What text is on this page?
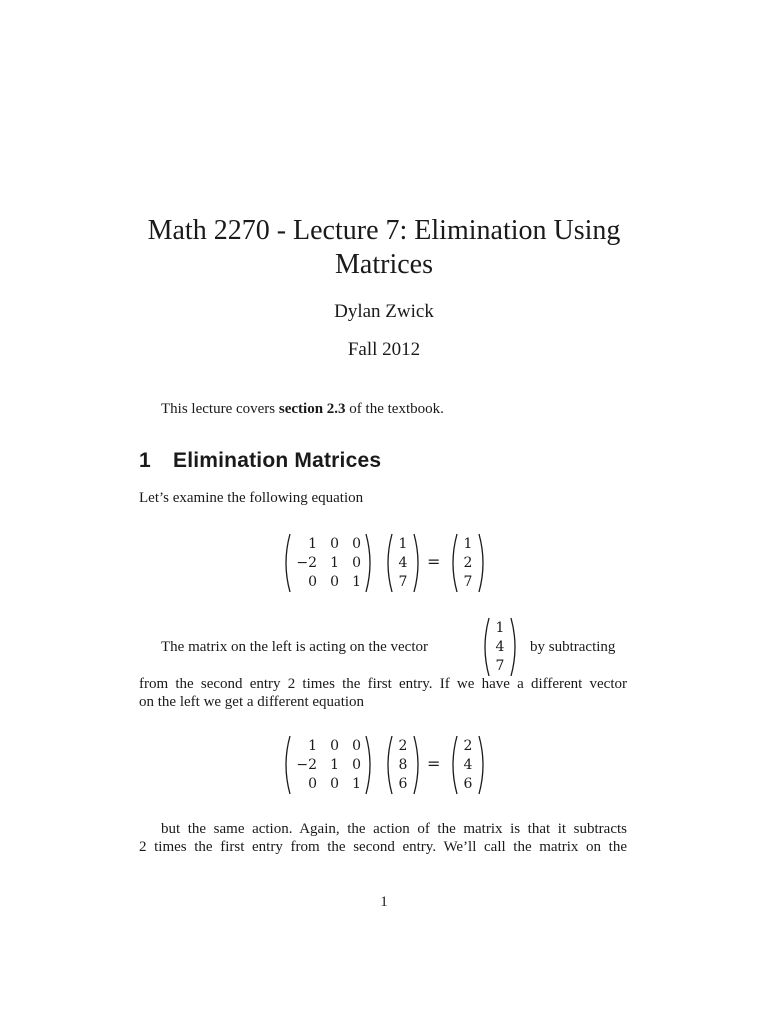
Math 2270 - Lecture 7: Elimination Using
Matrices
Dylan Zwick
Fall 2012
This lecture covers section 2.3 of the textbook.
1 Elimination Matrices
Let’s examine the following equation
1 0 0
−2 1 0
0 0 1
1
4
7
=
1
2
7
The matrix on the left is acting on the vector
1
4
7
by subtracting
from the second entry 2 times the first entry. If we have a different vector
on the left we get a different equation
1 0 0
−2 1 0
0 0 1
2
8
6
=
2
4
6
but the same action. Again, the action of the matrix is that it subtracts
2 times the first entry from the second entry. We’ll call the matrix on the
1
